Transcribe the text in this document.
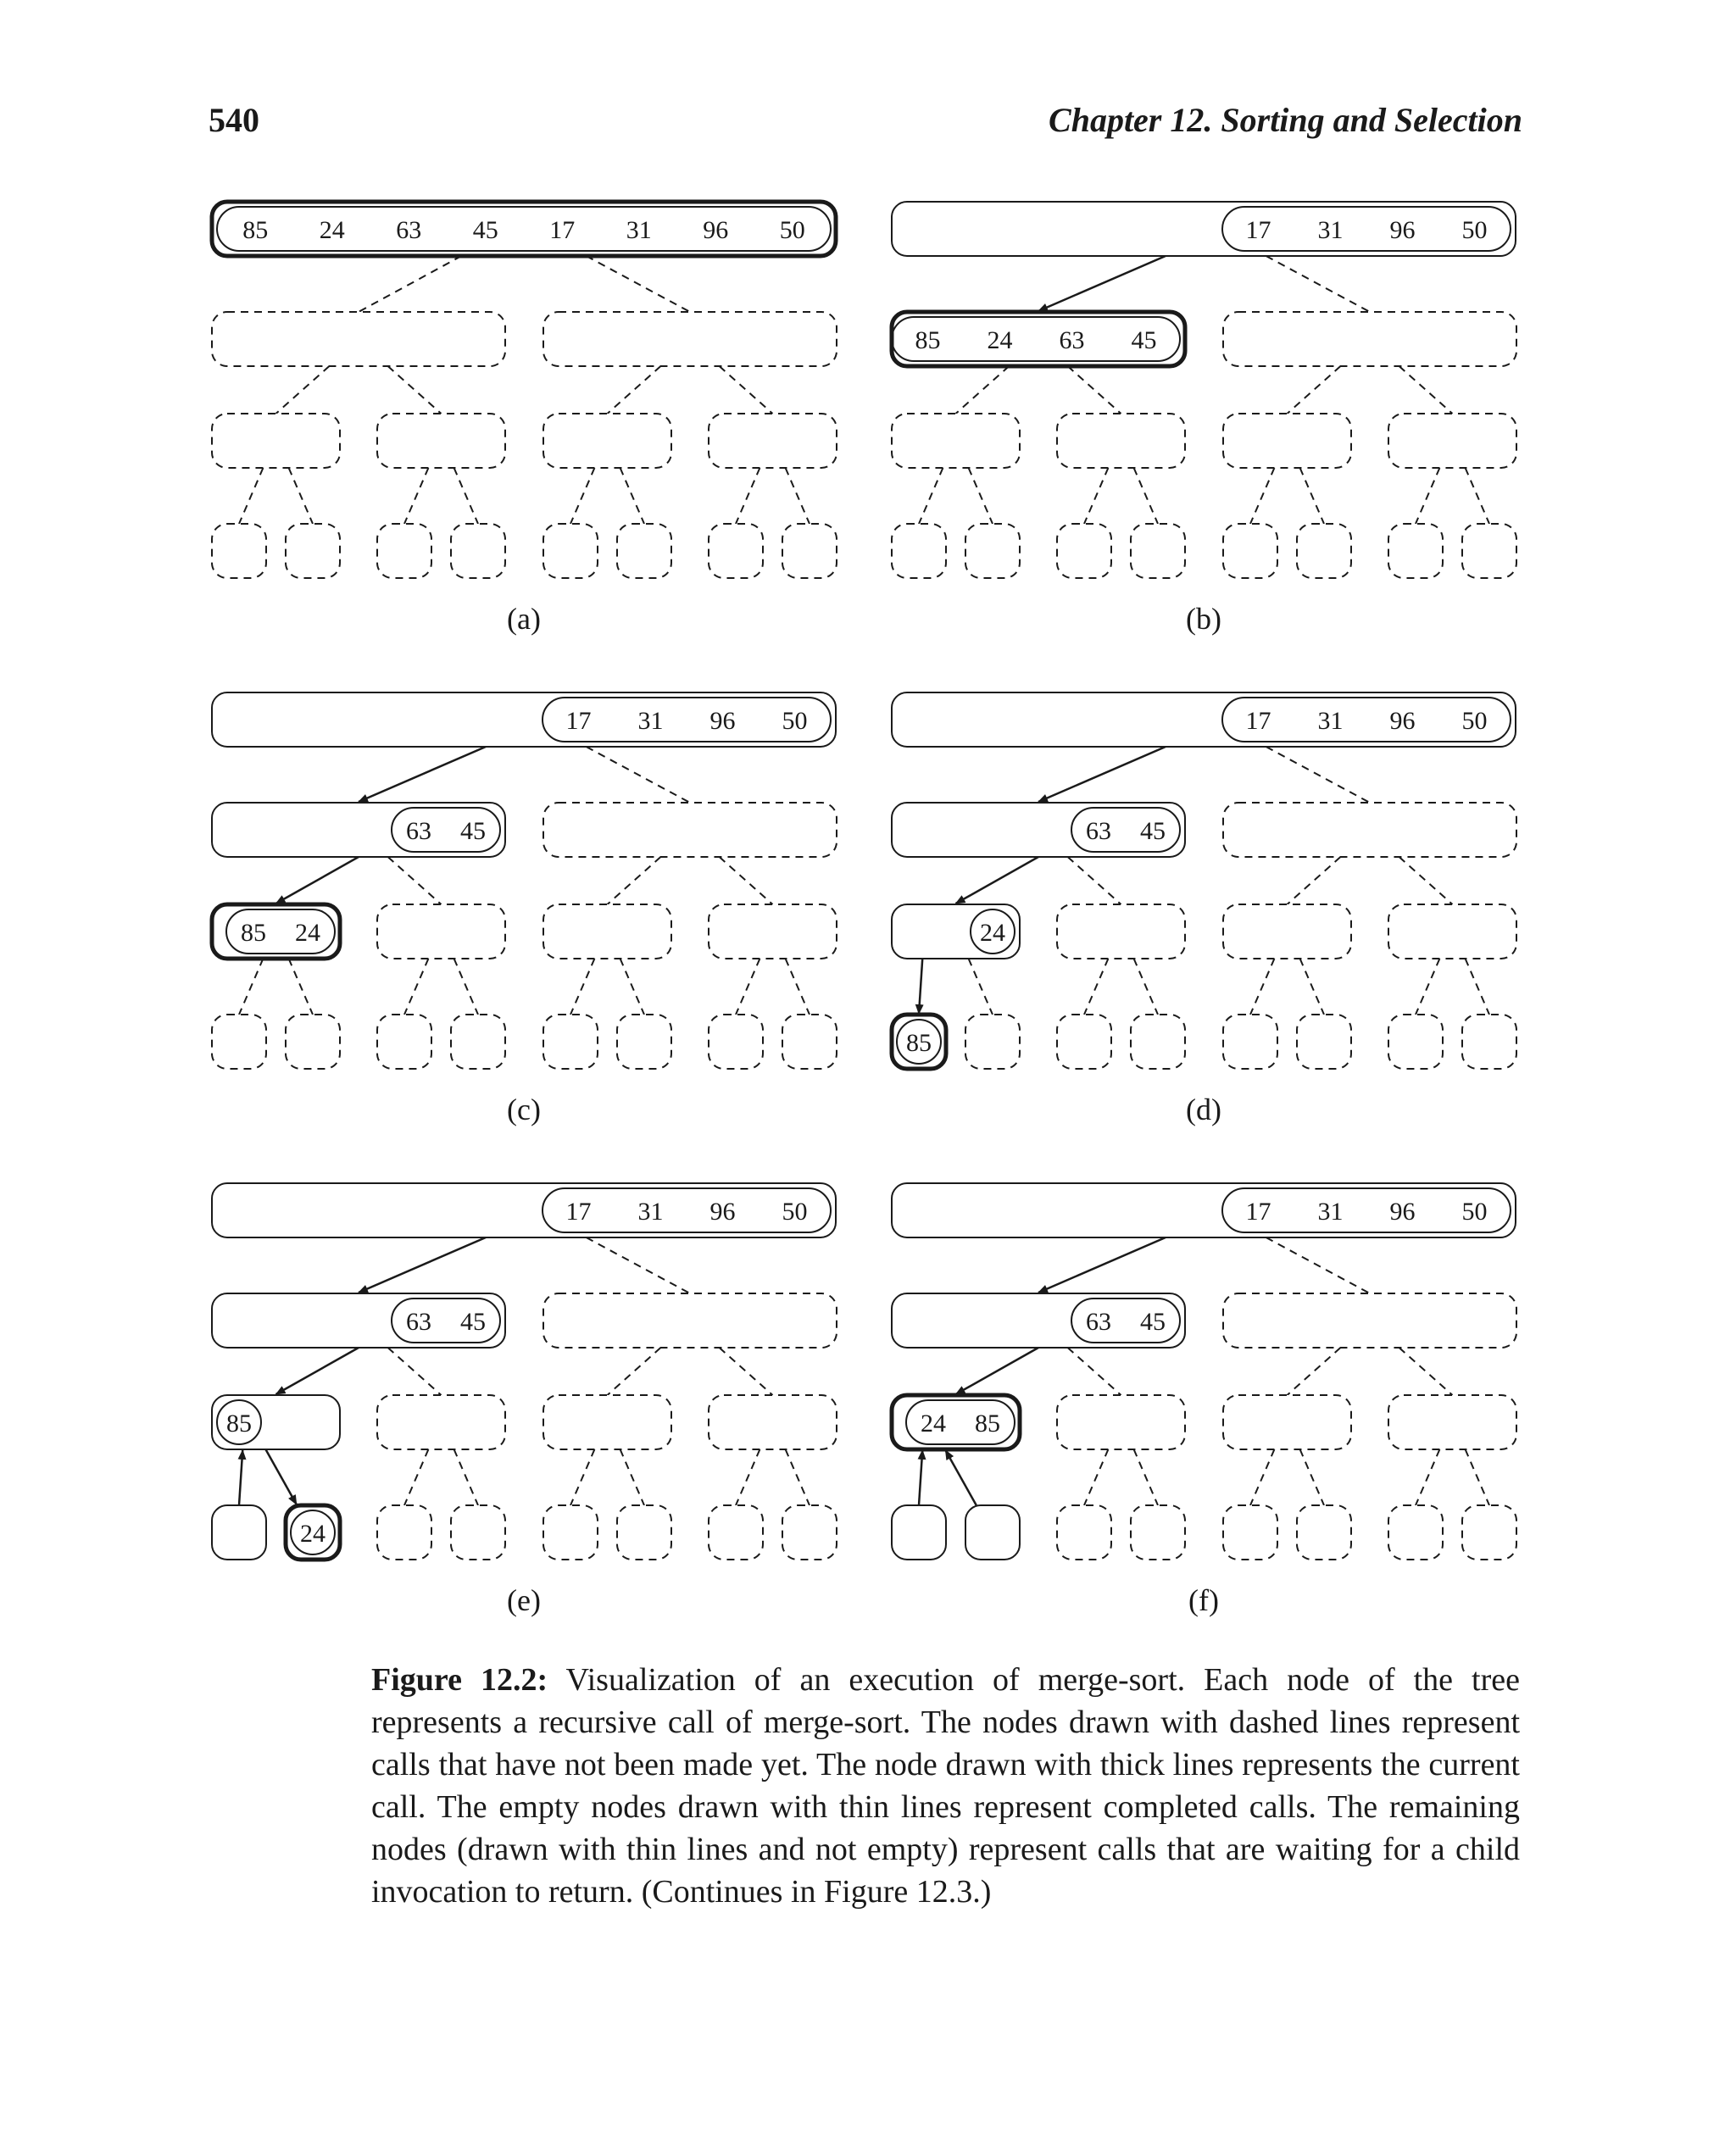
540	Chapter 12. Sorting and Selection
85 24 63 45 17 31 96 50
(a)
17 31 96 50
85 24 63 45
(b)
17 31 96 50
63 45
85 24
(c)
17 31 96 50
63 45
24
85
(d)
17 31 96 50
63 45
85
24
(e)
17 31 96 50
63 45
24 85
(f)
Figure 12.2: Visualization of an execution of merge-sort. Each node of the tree represents a recursive call of merge-sort. The nodes drawn with dashed lines represent calls that have not been made yet. The node drawn with thick lines represents the current call. The empty nodes drawn with thin lines represent completed calls. The remaining nodes (drawn with thin lines and not empty) represent calls that are waiting for a child invocation to return. (Continues in Figure 12.3.)
